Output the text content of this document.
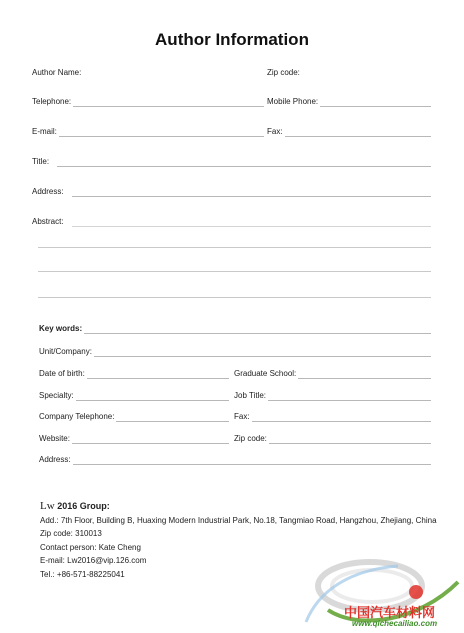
Author Information
Author Name:	Zip code:
Telephone:	Mobile Phone:
E-mail:	Fax:
Title:
Address:
Abstract:
Key words:
Unit/Company:
Date of birth:	Graduate School:
Specialty:	Job Title:
Company Telephone:	Fax:
Website:	Zip code:
Address:
Lw 2016 Group:
Add.: 7th Floor, Building B, Huaxing Modern Industrial Park, No.18, Tangmiao Road, Hangzhou, Zhejiang, China
Zip code: 310013
Contact person: Kate Cheng
E-mail: Lw2016@vip.126.com
Tel.: +86-571-88225041
中国汽车材料网
www.qichecailiao.com
